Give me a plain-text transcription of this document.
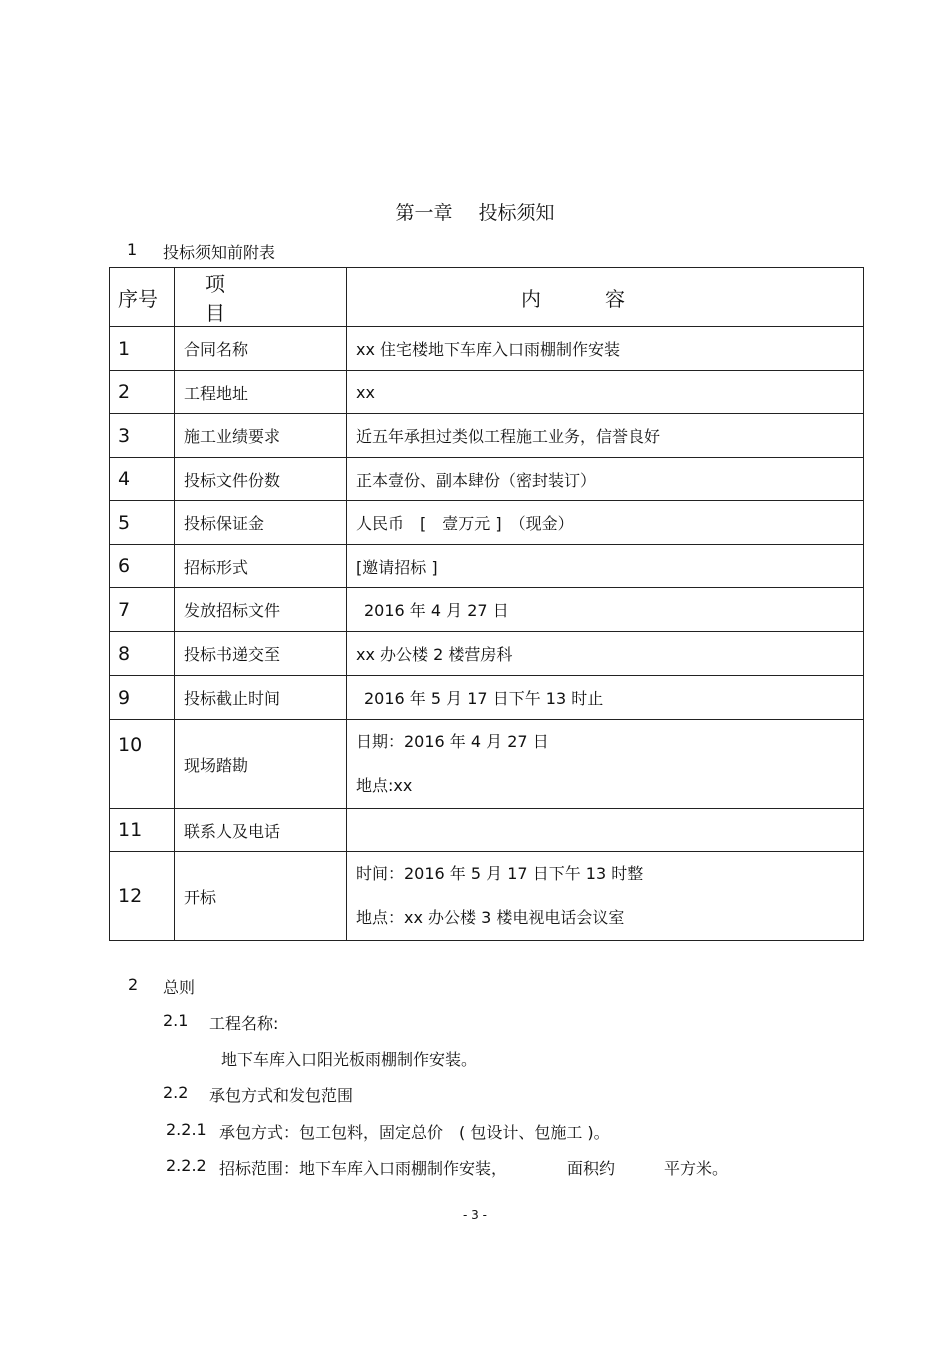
第一章 投标须知
1 投标须知前附表
序号	项目	内容
1	合同名称	xx 住宅楼地下车库入口雨棚制作安装
2	工程地址	xx
3	施工业绩要求	近五年承担过类似工程施工业务，信誉良好
4	投标文件份数	正本壹份、副本肆份（密封装订）
5	投标保证金	人民币　[　壹万元 ]　（现金）
6	招标形式	[邀请招标 ]
7	发放招标文件	2016 年 4 月 27 日
8	投标书递交至	xx 办公楼 2 楼营房科
9	投标截止时间	2016 年 5 月 17 日下午 13 时止
10	现场踏勘	日期：2016 年 4 月 27 日
地点:xx

11	联系人及电话	
12	开标	时间：2016 年 5 月 17 日下午 13 时整
地点：xx 办公楼 3 楼电视电话会议室
2 总则
2.1 工程名称:
地下车库入口阳光板雨棚制作安装。
2.2 承包方式和发包范围
2.2.1 承包方式：包工包料，固定总价　( 包设计、包施工 )。
2.2.2 招标范围：地下车库入口雨棚制作安装，	面积约	平方米。
- 3 -
